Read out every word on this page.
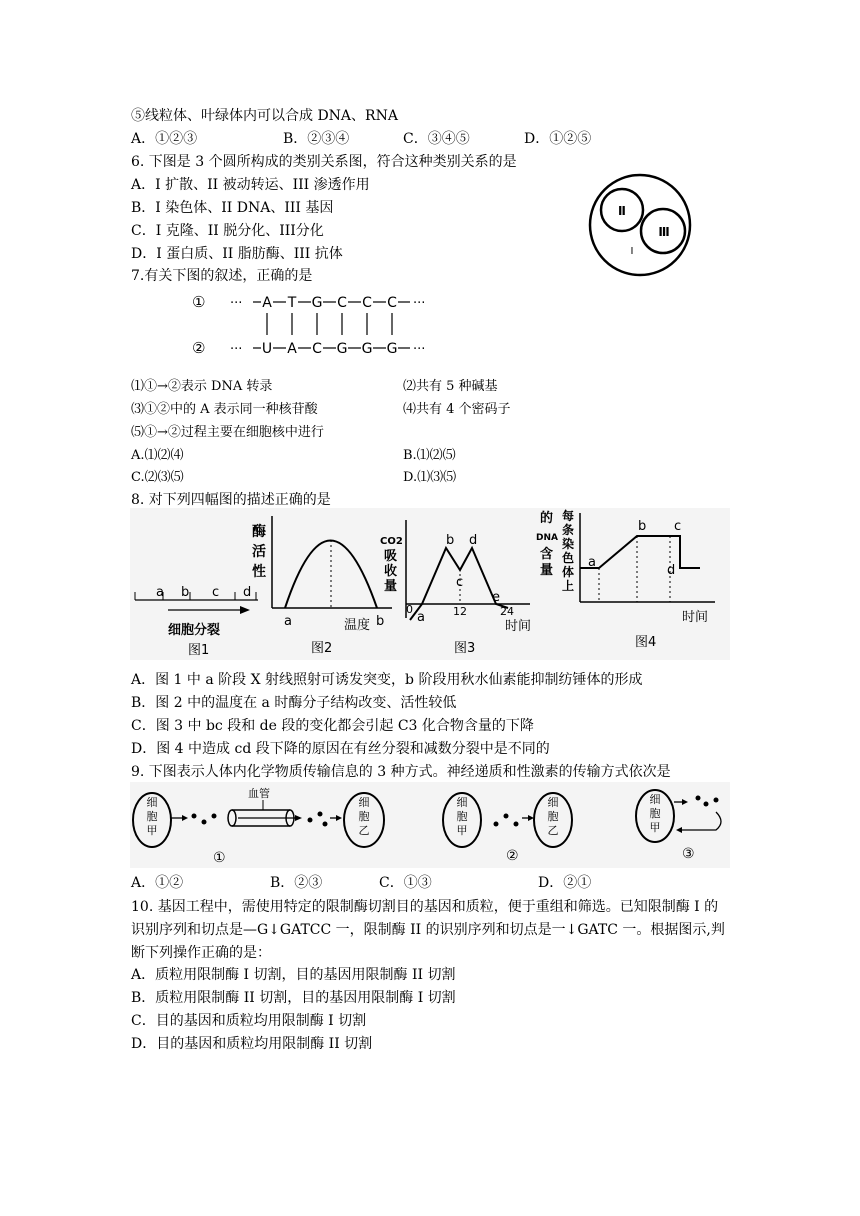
⑤线粒体、叶绿体内可以合成 DNA、RNA
A．①②③	B．②③④	C．③④⑤	D．①②⑤
6. 下图是 3 个圆所构成的类别关系图，符合这种类别关系的是
A．I 扩散、II 被动转运、III 渗透作用
B．I 染色体、II DNA、III 基因
C．I 克隆、II 脱分化、III分化
D．I 蛋白质、II 脂肪酶、III 抗体
Ⅱ
Ⅲ
Ⅰ
7.有关下图的叙述，正确的是
①
②
···
···
···
···
A T G C C C
U A C G G G
⑴①→②表示 DNA 转录	⑵共有 5 种碱基
⑶①②中的 A 表示同一种核苷酸	⑷共有 4 个密码子
⑸①→②过程主要在细胞核中进行
A.⑴⑵⑷	B.⑴⑵⑸
C.⑵⑶⑸	D.⑴⑶⑸
8. 对下列四幅图的描述正确的是
a b c d
细胞分裂
图1
酶
活
性
a	b
温度
图2
CO2
吸
收
量
b d
c
e
a
0	12	24
时间
图3
的
DNA
含
量
每
条
染
色
体
上
a
b c
d
时间
图4
A．图 1 中 a 阶段 X 射线照射可诱发突变，b 阶段用秋水仙素能抑制纺锤体的形成
B．图 2 中的温度在 a 时酶分子结构改变、活性较低
C．图 3 中 bc 段和 de 段的变化都会引起 C3 化合物含量的下降
D．图 4 中造成 cd 段下降的原因在有丝分裂和减数分裂中是不同的
9. 下图表示人体内化学物质传输信息的 3 种方式。神经递质和性激素的传输方式依次是
细
胞
甲
血管
细
胞
乙
①
细
胞
甲
细
胞
乙
②
细
胞
甲
③
A．①②	B．②③	C．①③	D．②①
10. 基因工程中，需使用特定的限制酶切割目的基因和质粒，便于重组和筛选。已知限制酶 I 的识别序列和切点是—G↓GATCC 一，限制酶 II 的识别序列和切点是一↓GATC 一。根据图示,判断下列操作正确的是：
A．质粒用限制酶 I 切割，目的基因用限制酶 II 切割
B．质粒用限制酶 II 切割，目的基因用限制酶 I 切割
C．目的基因和质粒均用限制酶 I 切割
D．目的基因和质粒均用限制酶 II 切割
